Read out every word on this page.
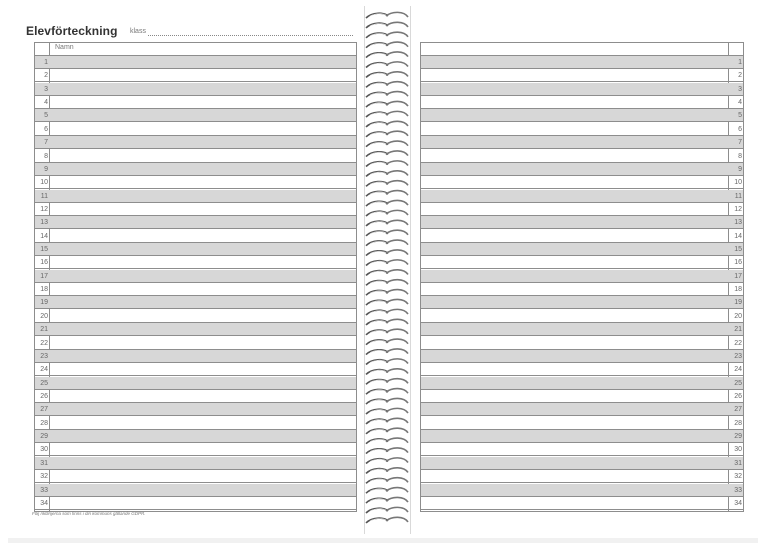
Elevförteckning klass
Namn
1
2
3
4
5
6
7
8
9
10
11
12
13
14
15
16
17
18
19
20
21
22
23
24
25
26
27
28
29
30
31
32
33
34
1
2
3
4
5
6
7
8
9
10
11
12
13
14
15
16
17
18
19
20
21
22
23
24
25
26
27
28
29
30
31
32
33
34
Följ riktlinjerna som finns i din kommuns gällande GDPR.
